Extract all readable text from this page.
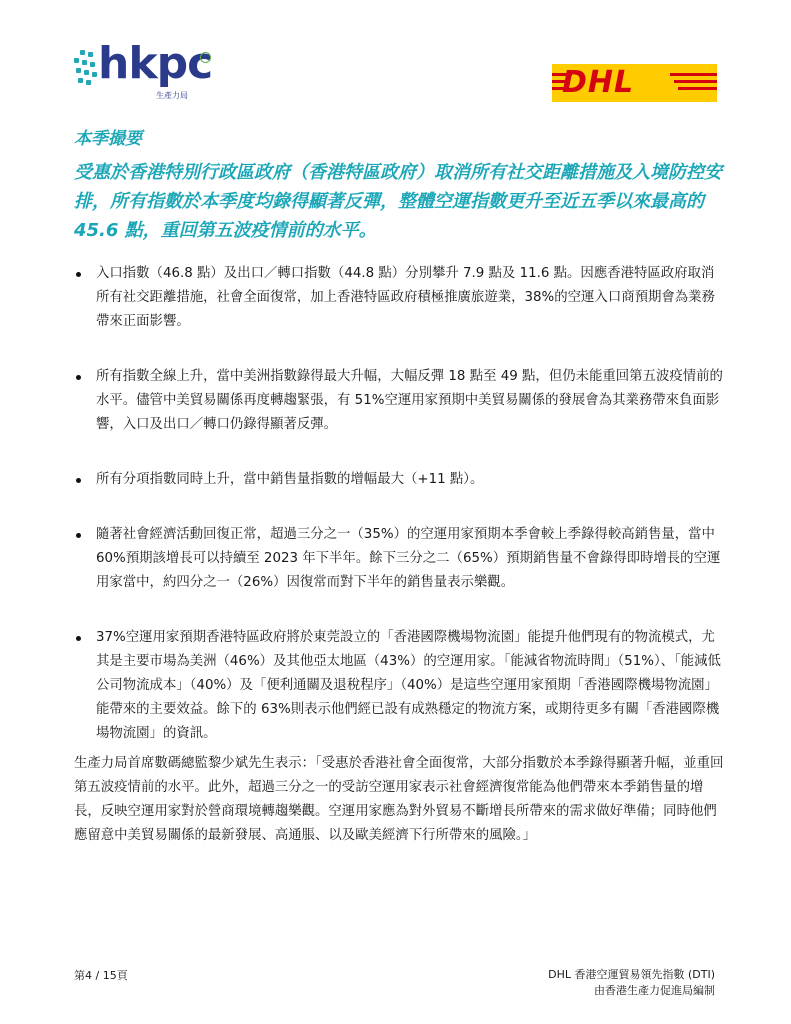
hkpc
生產力局	DHL
本季撮要
受惠於香港特別行政區政府（香港特區政府）取消所有社交距離措施及入境防控安排，所有指數於本季度均錄得顯著反彈，整體空運指數更升至近五季以來最高的 45.6 點，重回第五波疫情前的水平。
入口指數（46.8 點）及出口／轉口指數（44.8 點）分別攀升 7.9 點及 11.6 點。因應香港特區政府取消所有社交距離措施，社會全面復常，加上香港特區政府積極推廣旅遊業，38%的空運入口商預期會為業務帶來正面影響。
所有指數全線上升，當中美洲指數錄得最大升幅，大幅反彈 18 點至 49 點，但仍未能重回第五波疫情前的水平。儘管中美貿易關係再度轉趨緊張，有 51%空運用家預期中美貿易關係的發展會為其業務帶來負面影響，入口及出口／轉口仍錄得顯著反彈。
所有分項指數同時上升，當中銷售量指數的增幅最大（+11 點）。
隨著社會經濟活動回復正常，超過三分之一（35%）的空運用家預期本季會較上季錄得較高銷售量，當中 60%預期該增長可以持續至 2023 年下半年。餘下三分之二（65%）預期銷售量不會錄得即時增長的空運用家當中，約四分之一（26%）因復常而對下半年的銷售量表示樂觀。
37%空運用家預期香港特區政府將於東莞設立的「香港國際機場物流園」能提升他們現有的物流模式，尤其是主要市場為美洲（46%）及其他亞太地區（43%）的空運用家。「能減省物流時間」（51%）、「能減低公司物流成本」（40%）及「便利通關及退稅程序」（40%）是這些空運用家預期「香港國際機場物流園」能帶來的主要效益。餘下的 63%則表示他們經已設有成熟穩定的物流方案，或期待更多有關「香港國際機場物流園」的資訊。
生產力局首席數碼總監黎少斌先生表示：「受惠於香港社會全面復常，大部分指數於本季錄得顯著升幅，並重回第五波疫情前的水平。此外，超過三分之一的受訪空運用家表示社會經濟復常能為他們帶來本季銷售量的增長，反映空運用家對於營商環境轉趨樂觀。空運用家應為對外貿易不斷增長所帶來的需求做好準備；同時他們應留意中美貿易關係的最新發展、高通脹、以及歐美經濟下行所帶來的風險。」
第4 / 15頁	DHL 香港空運貿易領先指數 (DTI)
由香港生產力促進局編制
